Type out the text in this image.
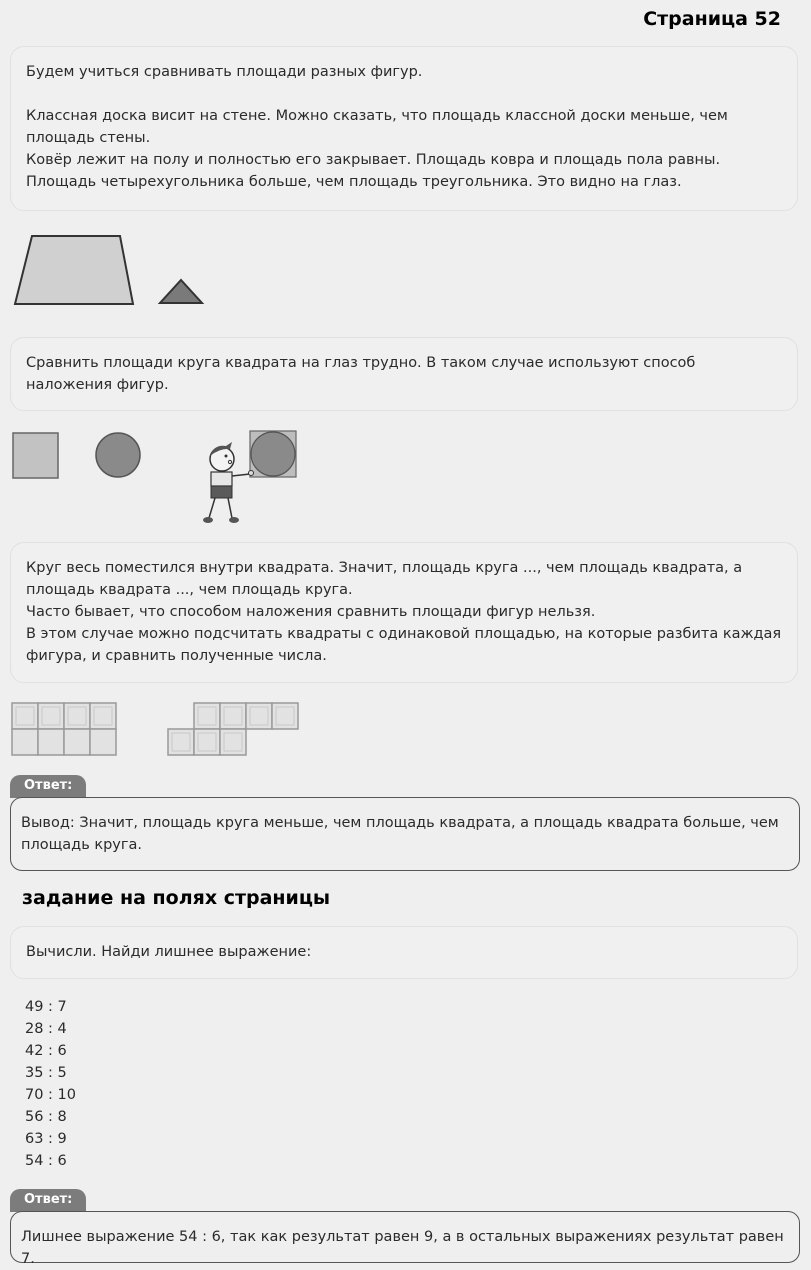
Страница 52

Будем учиться сравнивать площади разных фигур.

Классная доска висит на стене. Можно сказать, что площадь классной доски меньше, чем площадь стены.

Ковёр лежит на полу и полностью его закрывает. Площадь ковра и площадь пола равны.

Площадь четырехугольника больше, чем площадь треугольника. Это видно на глаз.

Сравнить площади круга квадрата на глаз трудно. В таком случае используют способ наложения фигур.

Круг весь поместился внутри квадрата. Значит, площадь круга ..., чем площадь квадрата, а площадь квадрата ..., чем площадь круга.

Часто бывает, что способом наложения сравнить площади фигур нельзя.

В этом случае можно подсчитать квадраты с одинаковой площадью, на которые разбита каждая фигура, и сравнить полученные числа.

Ответ:

Вывод: Значит, площадь круга меньше, чем площадь квадрата, а площадь квадрата больше, чем площадь круга.

задание на полях страницы

Вычисли. Найди лишнее выражение:

49 : 7
28 : 4
42 : 6
35 : 5
70 : 10
56 : 8
63 : 9
54 : 6
Ответ:

Лишнее выражение 54 : 6, так как результат равен 9, а в остальных выражениях результат равен 7.
